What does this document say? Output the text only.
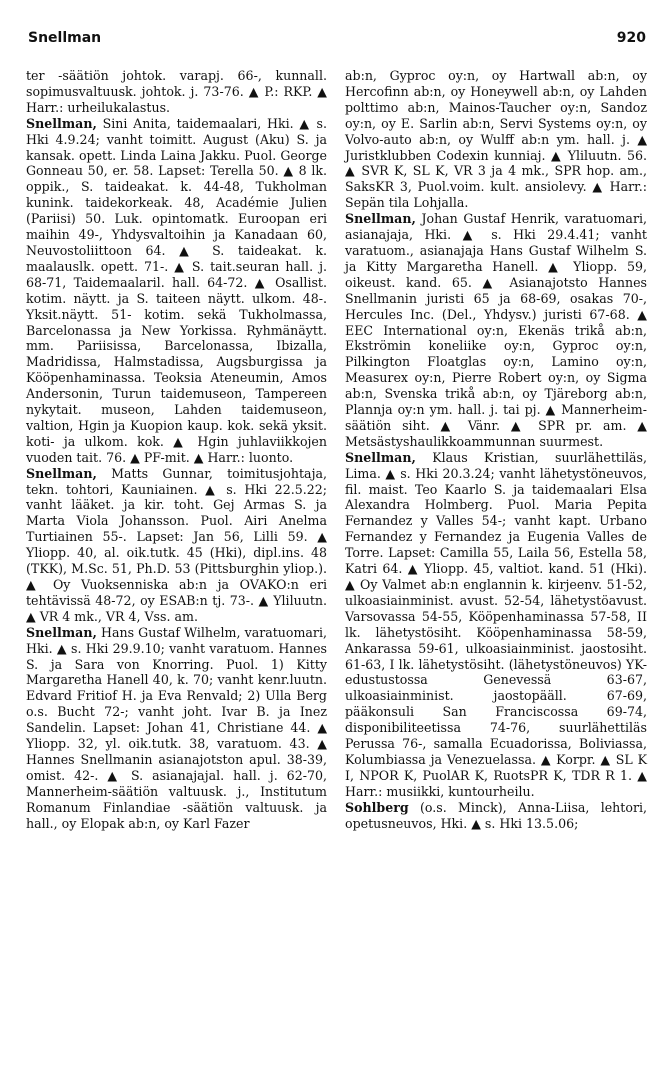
Snellman	920

ter -säätiön johtok. varapj. 66-, kunnall. sopimusvaltuusk. johtok. j. 73-76. ▲ P.: RKP. ▲ Harr.: urheilukalastus.

Snellman, Sini Anita, taidemaalari, Hki. ▲ s. Hki 4.9.24; vanht toimitt. August (Aku) S. ja kansak. opett. Linda Laina Jakku. Puol. George Gonneau 50, er. 58. Lapset: Terella 50. ▲ 8 lk. oppik., S. taideakat. k. 44-48, Tukholman kunink. taidekorkeak. 48, Académie Julien (Pariisi) 50. Luk. opintomatk. Euroopan eri maihin 49-, Yhdysvaltoihin ja Kanadaan 60, Neuvostoliittoon 64. ▲ S. taideakat. k. maalauslk. opett. 71-. ▲ S. tait.seuran hall. j. 68-71, Taidemaalaril. hall. 64-72. ▲ Osallist. kotim. näytt. ja S. taiteen näytt. ulkom. 48-. Yksit.näytt. 51- kotim. sekä Tukholmassa, Barcelonassa ja New Yorkissa. Ryhmänäytt. mm. Pariisissa, Barcelonassa, Ibizalla, Madridissa, Halmstadissa, Augsburgissa ja Kööpenhaminassa. Teoksia Ateneumin, Amos Andersonin, Turun taidemuseon, Tampereen nykytait. museon, Lahden taidemuseon, valtion, Hgin ja Kuopion kaup. kok. sekä yksit. koti- ja ulkom. kok. ▲ Hgin juhlaviikkojen vuoden tait. 76. ▲ PF-mit. ▲ Harr.: luonto.

Snellman, Matts Gunnar, toimitusjohtaja, tekn. tohtori, Kauniainen. ▲ s. Hki 22.5.22; vanht lääket. ja kir. toht. Gej Armas S. ja Marta Viola Johansson. Puol. Airi Anelma Turtiainen 55-. Lapset: Jan 56, Lilli 59. ▲ Yliopp. 40, al. oik.tutk. 45 (Hki), dipl.ins. 48 (TKK), M.Sc. 51, Ph.D. 53 (Pittsburghin yliop.). ▲ Oy Vuoksenniska ab:n ja OVAKO:n eri tehtävissä 48-72, oy ESAB:n tj. 73-. ▲ Yliluutn. ▲ VR 4 mk., VR 4, Vss. am.

Snellman, Hans Gustaf Wilhelm, varatuomari, Hki. ▲ s. Hki 29.9.10; vanht varatuom. Hannes S. ja Sara von Knorring. Puol. 1) Kitty Margaretha Hanell 40, k. 70; vanht kenr.luutn. Edvard Fritiof H. ja Eva Renvald; 2) Ulla Berg o.s. Bucht 72-; vanht joht. Ivar B. ja Inez Sandelin. Lapset: Johan 41, Christiane 44. ▲ Yliopp. 32, yl. oik.tutk. 38, varatuom. 43. ▲ Hannes Snellmanin asianajotston apul. 38-39, omist. 42-. ▲ S. asianajajal. hall. j. 62-70, Mannerheim-säätiön valtuusk. j., Institutum Romanum Finlandiae -säätiön valtuusk. ja hall., oy Elopak ab:n, oy Karl Fazer

ab:n, Gyproc oy:n, oy Hartwall ab:n, oy Hercofinn ab:n, oy Honeywell ab:n, oy Lahden polttimo ab:n, Mainos-Taucher oy:n, Sandoz oy:n, oy E. Sarlin ab:n, Servi Systems oy:n, oy Volvo-auto ab:n, oy Wulff ab:n ym. hall. j. ▲ Juristklubben Codexin kunniaj. ▲ Yliluutn. 56. ▲ SVR K, SL K, VR 3 ja 4 mk., SPR hop. am., SaksKR 3, Puol.voim. kult. ansiolevy. ▲ Harr.: Sepän tila Lohjalla.

Snellman, Johan Gustaf Henrik, varatuomari, asianajaja, Hki. ▲ s. Hki 29.4.41; vanht varatuom., asianajaja Hans Gustaf Wilhelm S. ja Kitty Margaretha Hanell. ▲ Yliopp. 59, oikeust. kand. 65. ▲ Asianajotsto Hannes Snellmanin juristi 65 ja 68-69, osakas 70-, Hercules Inc. (Del., Yhdysv.) juristi 67-68. ▲ EEC International oy:n, Ekenäs trikå ab:n, Ekströmin koneliike oy:n, Gyproc oy:n, Pilkington Floatglas oy:n, Lamino oy:n, Measurex oy:n, Pierre Robert oy:n, oy Sigma ab:n, Svenska trikå ab:n, oy Tjäreborg ab:n, Plannja oy:n ym. hall. j. tai pj. ▲ Mannerheim-säätiön siht. ▲ Vänr. ▲ SPR pr. am. ▲ Metsästyshaulikkoammunnan suurmest.

Snellman, Klaus Kristian, suurlähettiläs, Lima. ▲ s. Hki 20.3.24; vanht lähetystöneuvos, fil. maist. Teo Kaarlo S. ja taidemaalari Elsa Alexandra Holmberg. Puol. Maria Pepita Fernandez y Valles 54-; vanht kapt. Urbano Fernandez y Fernandez ja Eugenia Valles de Torre. Lapset: Camilla 55, Laila 56, Estella 58, Katri 64. ▲ Yliopp. 45, valtiot. kand. 51 (Hki). ▲ Oy Valmet ab:n englannin k. kirjeenv. 51-52, ulkoasiainminist. avust. 52-54, lähetystöavust. Varsovassa 54-55, Kööpenhaminassa 57-58, II lk. lähetystösiht. Kööpenhaminassa 58-59, Ankarassa 59-61, ulkoasiainminist. jaostosiht. 61-63, I lk. lähetystösiht. (lähetystöneuvos) YK-edustustossa Genevessä 63-67, ulkoasiainminist. jaostopääll. 67-69, pääkonsuli San Franciscossa 69-74, disponibiliteetissa 74-76, suurlähettiläs Perussa 76-, samalla Ecuadorissa, Boliviassa, Kolumbiassa ja Venezuelassa. ▲ Korpr. ▲ SL K I, NPOR K, PuolAR K, RuotsPR K, TDR R 1. ▲ Harr.: musiikki, kuntourheilu.

Sohlberg (o.s. Minck), Anna-Liisa, lehtori, opetusneuvos, Hki. ▲ s. Hki 13.5.06;
